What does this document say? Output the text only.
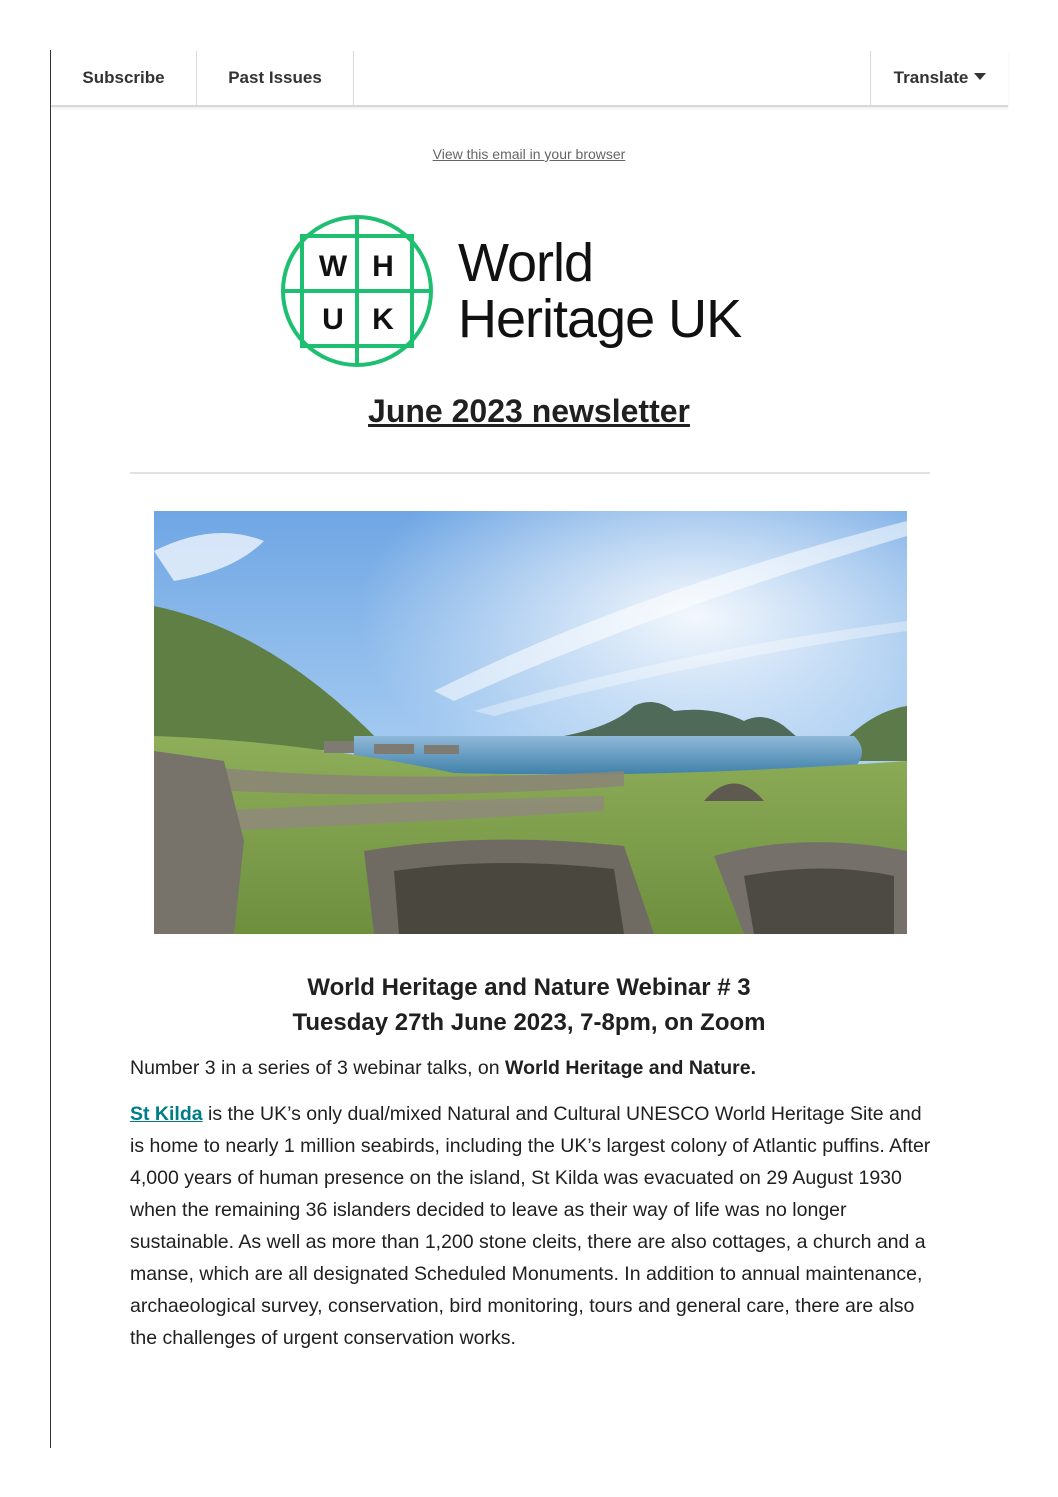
Subscribe	Past Issues	Translate
View this email in your browser
W H
U K
World
Heritage UK
June 2023 newsletter
World Heritage and Nature Webinar # 3
Tuesday 27th June 2023, 7-8pm, on Zoom
Number 3 in a series of 3 webinar talks, on World Heritage and Nature.
St Kilda is the UK’s only dual/mixed Natural and Cultural UNESCO World Heritage Site and is home to nearly 1 million seabirds, including the UK’s largest colony of Atlantic puffins. After 4,000 years of human presence on the island, St Kilda was evacuated on 29 August 1930 when the remaining 36 islanders decided to leave as their way of life was no longer sustainable. As well as more than 1,200 stone cleits, there are also cottages, a church and a manse, which are all designated Scheduled Monuments. In addition to annual maintenance, archaeological survey, conservation, bird monitoring, tours and general care, there are also the challenges of urgent conservation works.
